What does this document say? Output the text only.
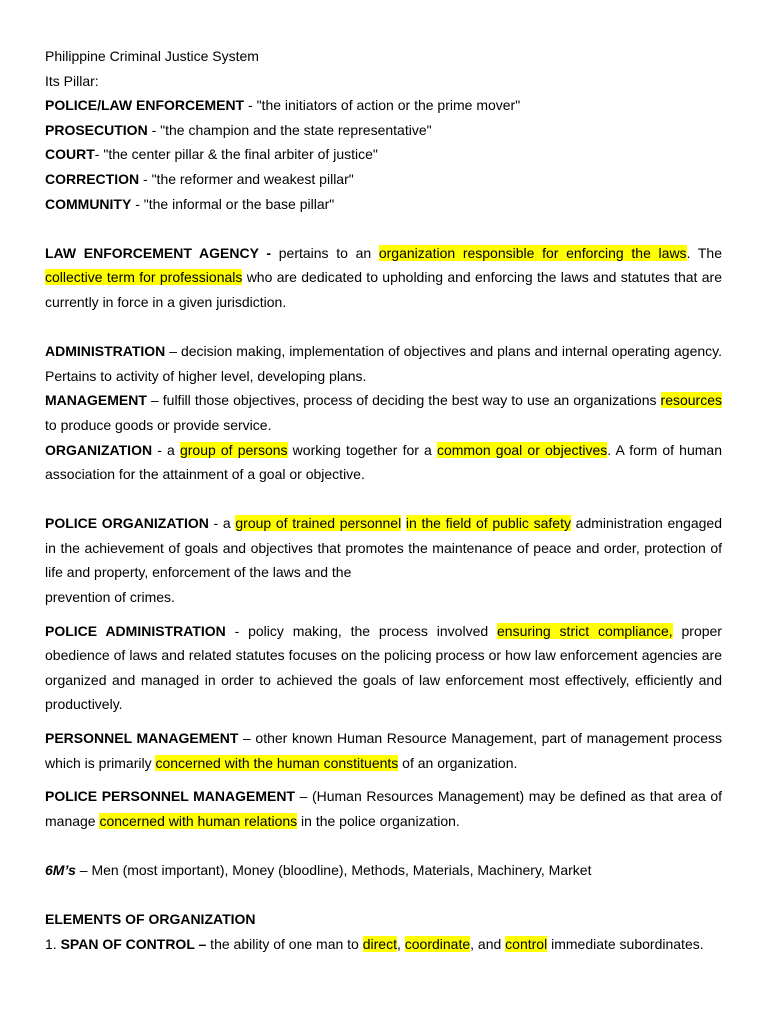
Philippine Criminal Justice System

Its Pillar:

POLICE/LAW ENFORCEMENT - "the initiators of action or the prime mover"

PROSECUTION - "the champion and the state representative"

COURT- "the center pillar & the final arbiter of justice"

CORRECTION - "the reformer and weakest pillar"

COMMUNITY - "the informal or the base pillar"

LAW ENFORCEMENT AGENCY - pertains to an organization responsible for enforcing the laws. The collective term for professionals who are dedicated to upholding and enforcing the laws and statutes that are currently in force in a given jurisdiction.

ADMINISTRATION – decision making, implementation of objectives and plans and internal operating agency. Pertains to activity of higher level, developing plans.

MANAGEMENT – fulfill those objectives, process of deciding the best way to use an organizations resources to produce goods or provide service.

ORGANIZATION - a group of persons working together for a common goal or objectives. A form of human association for the attainment of a goal or objective.

POLICE ORGANIZATION - a group of trained personnel in the field of public safety administration engaged in the achievement of goals and objectives that promotes the maintenance of peace and order, protection of life and property, enforcement of the laws and the

prevention of crimes.

POLICE ADMINISTRATION - policy making, the process involved ensuring strict compliance, proper obedience of laws and related statutes focuses on the policing process or how law enforcement agencies are organized and managed in order to achieved the goals of law enforcement most effectively, efficiently and productively.

PERSONNEL MANAGEMENT – other known Human Resource Management, part of management process which is primarily concerned with the human constituents of an organization.

POLICE PERSONNEL MANAGEMENT – (Human Resources Management) may be defined as that area of manage concerned with human relations in the police organization.

6M’s – Men (most important), Money (bloodline), Methods, Materials, Machinery, Market

ELEMENTS OF ORGANIZATION

1. SPAN OF CONTROL – the ability of one man to direct, coordinate, and control immediate subordinates.
